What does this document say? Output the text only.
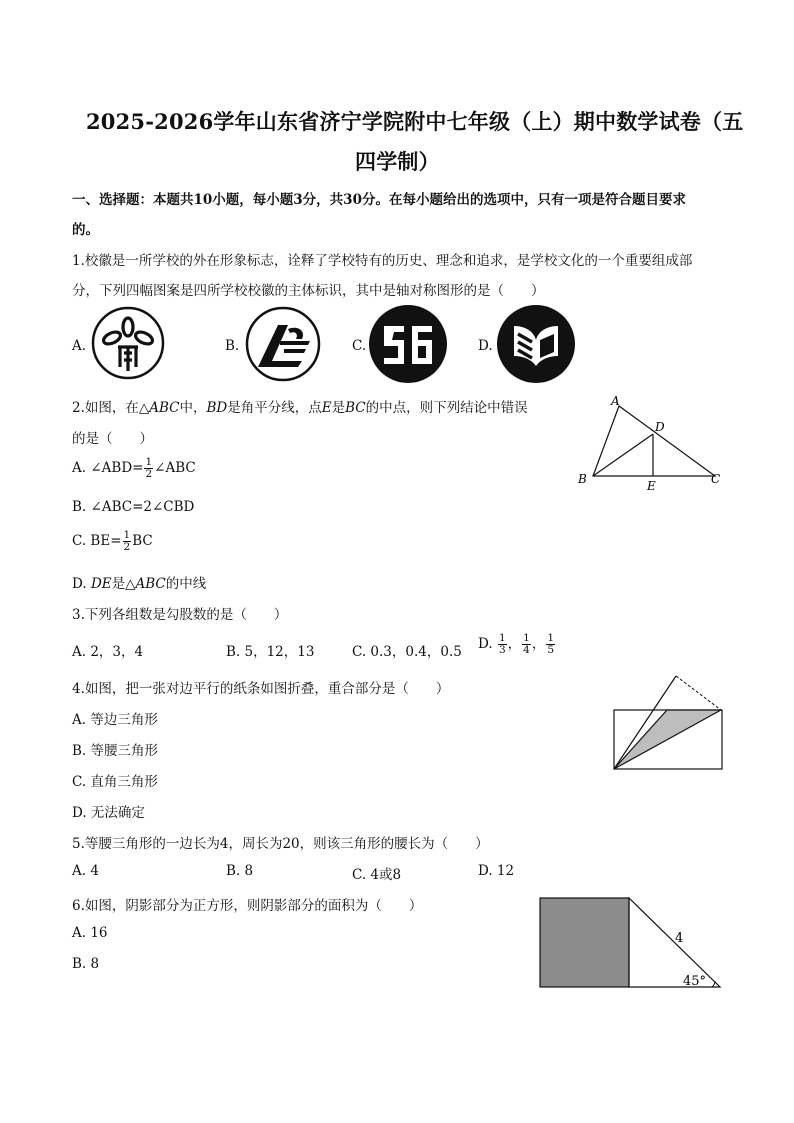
2025-2026学年山东省济宁学院附中七年级（上）期中数学试卷（五
四学制）
一、选择题：本题共10小题，每小题3分，共30分。在每小题给出的选项中，只有一项是符合题目要求
的。
1.校徽是一所学校的外在形象标志，诠释了学校特有的历史、理念和追求，是学校文化的一个重要组成部
分，下列四幅图案是四所学校校徽的主体标识，其中是轴对称图形的是（　　）
A.	B.	C.	D.
2.如图，在△ABC中，BD是角平分线，点E是BC的中点，则下列结论中错误
的是（　　）
A. ∠ABD= $\frac{1}{2}$ ∠ABC
B. ∠ABC=2∠CBD
C. $BE= \frac{1}{2}$ BC
D. DE是△ABC的中线
A
D
B	E	C
3.下列各组数是勾股数的是（　　）
A. 2，3，4	B. 5，12，13	C. 0.3，0.4，0.5 D. $\frac{1}{3}$ ， $\frac{1}{4}$ ， $\frac{1}{5}$
4.如图，把一张对边平行的纸条如图折叠，重合部分是（　　）
A. 等边三角形
B. 等腰三角形
C. 直角三角形
D. 无法确定
5.等腰三角形的一边长为4，周长为20，则该三角形的腰长为（　　）
A. 4	B. 8	C. 4或8	D. 12
6.如图，阴影部分为正方形，则阴影部分的面积为（　　）
A. 16
B. 8
4
45°
